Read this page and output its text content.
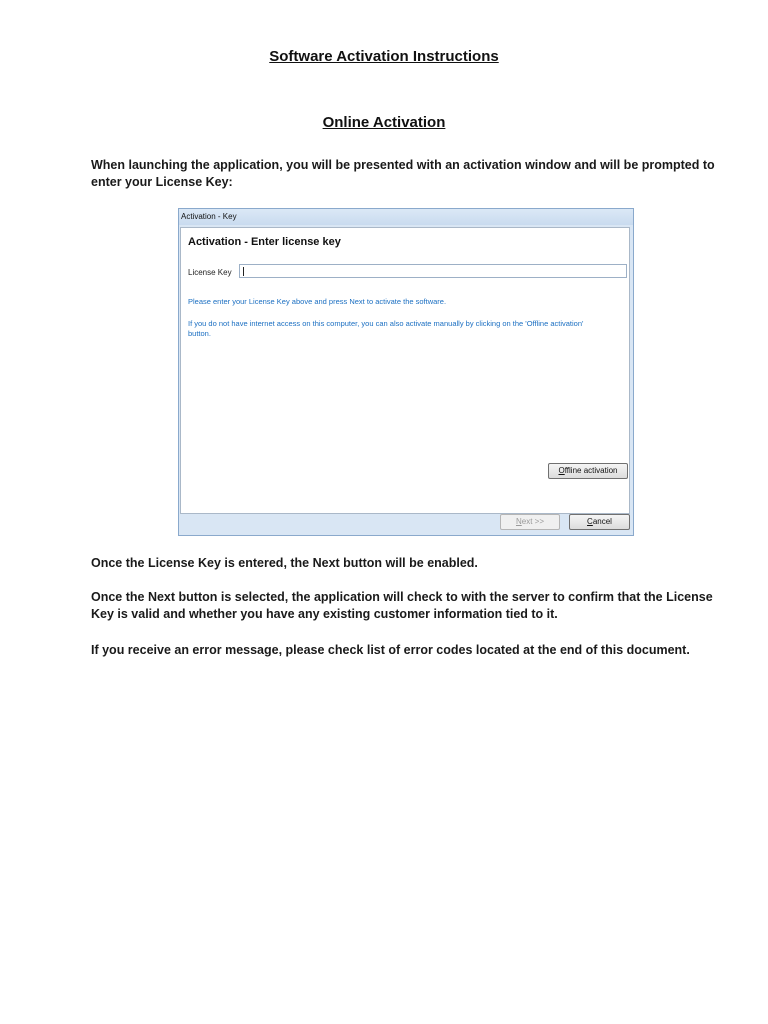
Software Activation Instructions
Online Activation
When launching the application, you will be presented with an activation window and will be prompted to enter your License Key:
Activation - Key
Activation - Enter license key
License Key
Please enter your License Key above and press Next to activate the software.
If you do not have internet access on this computer, you can also activate manually by clicking on the 'Offline activation' button.
Offline activation
Next >>	Cancel
Once the License Key is entered, the Next button will be enabled.
Once the Next button is selected, the application will check to with the server to confirm that the License Key is valid and whether you have any existing customer information tied to it.
If you receive an error message, please check list of error codes located at the end of this document.
